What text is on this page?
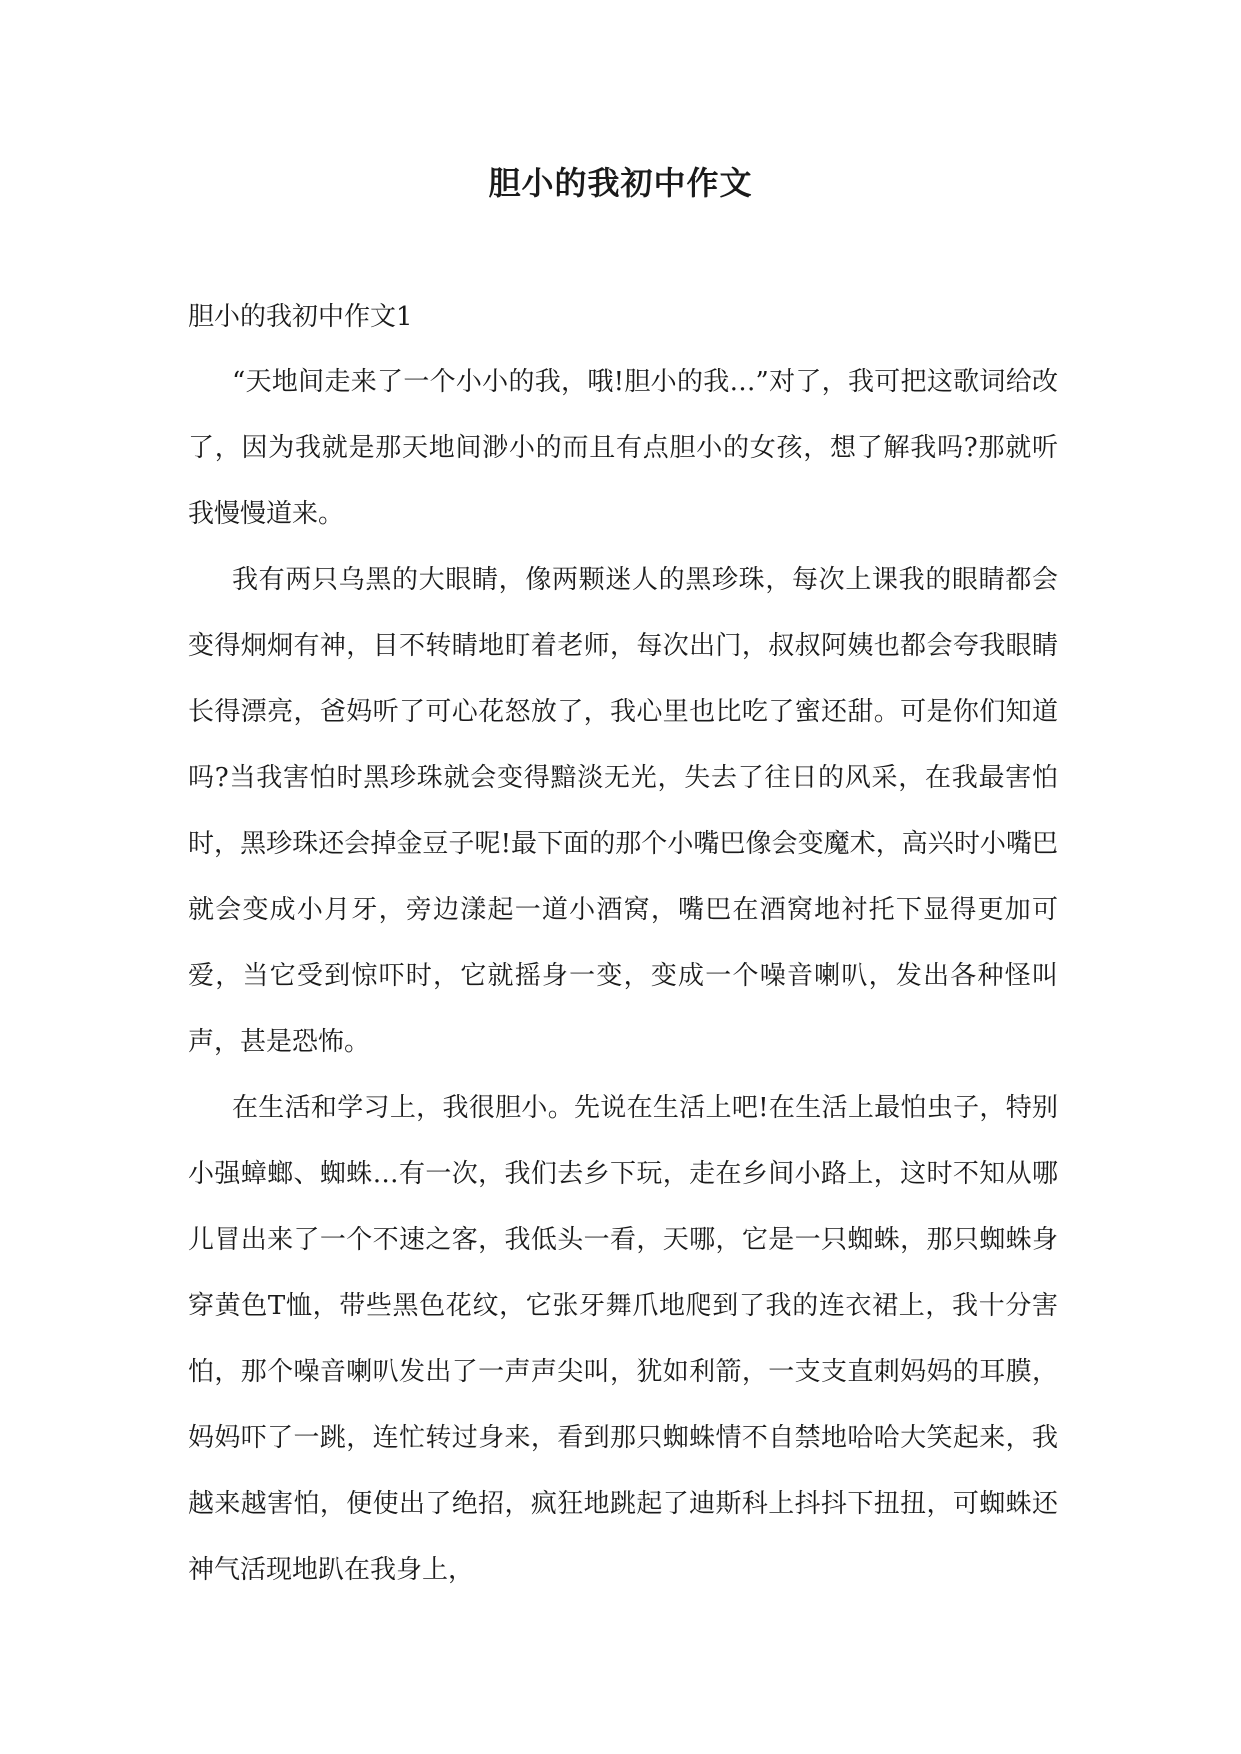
胆小的我初中作文

胆小的我初中作文1

“天地间走来了一个小小的我，哦!胆小的我…”对了，我可把这歌词给改了，因为我就是那天地间渺小的而且有点胆小的女孩，想了解我吗?那就听我慢慢道来。

我有两只乌黑的大眼睛，像两颗迷人的黑珍珠，每次上课我的眼睛都会变得炯炯有神，目不转睛地盯着老师，每次出门，叔叔阿姨也都会夸我眼睛长得漂亮，爸妈听了可心花怒放了，我心里也比吃了蜜还甜。可是你们知道吗?当我害怕时黑珍珠就会变得黯淡无光，失去了往日的风采，在我最害怕时，黑珍珠还会掉金豆子呢!最下面的那个小嘴巴像会变魔术，高兴时小嘴巴就会变成小月牙，旁边漾起一道小酒窝，嘴巴在酒窝地衬托下显得更加可爱，当它受到惊吓时，它就摇身一变，变成一个噪音喇叭，发出各种怪叫声，甚是恐怖。

在生活和学习上，我很胆小。先说在生活上吧!在生活上最怕虫子，特别小强蟑螂、蜘蛛…有一次，我们去乡下玩，走在乡间小路上，这时不知从哪儿冒出来了一个不速之客，我低头一看，天哪，它是一只蜘蛛，那只蜘蛛身穿黄色T恤，带些黑色花纹，它张牙舞爪地爬到了我的连衣裙上，我十分害怕，那个噪音喇叭发出了一声声尖叫，犹如利箭，一支支直刺妈妈的耳膜，妈妈吓了一跳，连忙转过身来，看到那只蜘蛛情不自禁地哈哈大笑起来，我越来越害怕，便使出了绝招，疯狂地跳起了迪斯科上抖抖下扭扭，可蜘蛛还神气活现地趴在我身上，
